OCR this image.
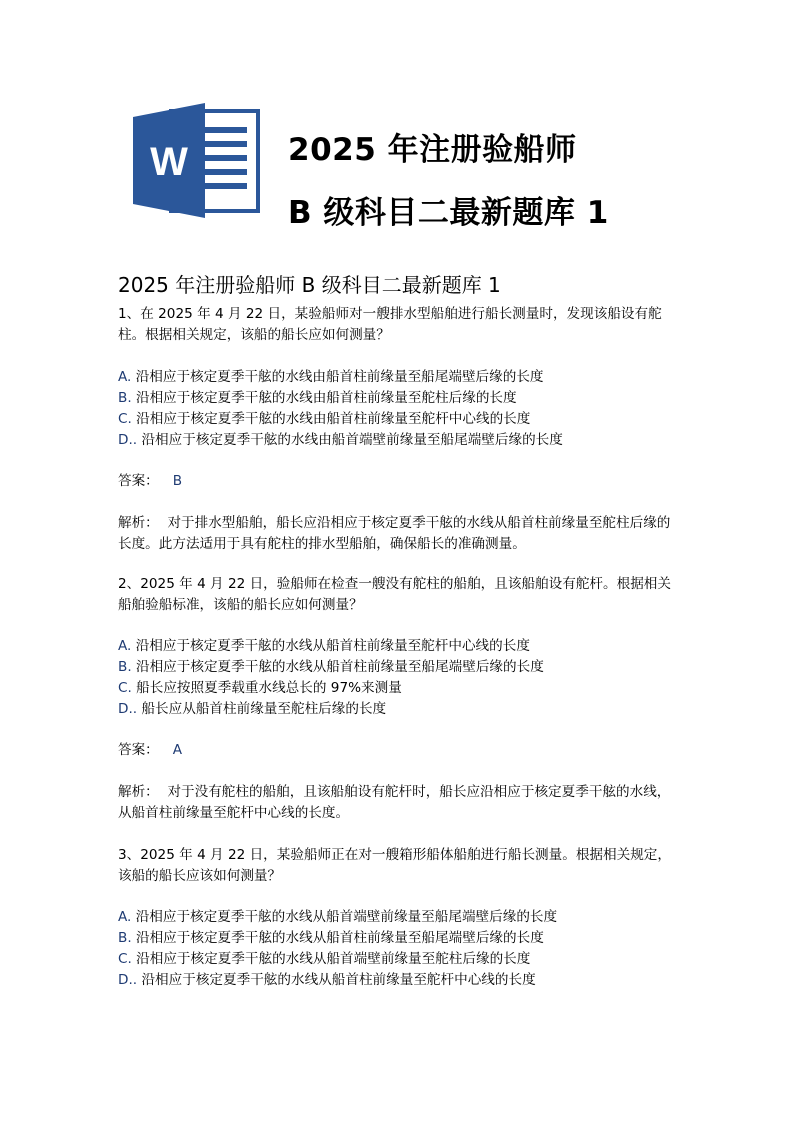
W	2025 年注册验船师
B 级科目二最新题库 1
2025 年注册验船师 B 级科目二最新题库 1
1、在 2025 年 4 月 22 日，某验船师对一艘排水型船舶进行船长测量时，发现该船设有舵柱。根据相关规定，该船的船长应如何测量？
A. 沿相应于核定夏季干舷的水线由船首柱前缘量至船尾端壁后缘的长度
B. 沿相应于核定夏季干舷的水线由船首柱前缘量至舵柱后缘的长度
C. 沿相应于核定夏季干舷的水线由船首柱前缘量至舵杆中心线的长度
D.. 沿相应于核定夏季干舷的水线由船首端壁前缘量至船尾端壁后缘的长度
答案： B
解析： 对于排水型船舶，船长应沿相应于核定夏季干舷的水线从船首柱前缘量至舵柱后缘的长度。此方法适用于具有舵柱的排水型船舶，确保船长的准确测量。
2、2025 年 4 月 22 日，验船师在检查一艘没有舵柱的船舶，且该船舶设有舵杆。根据相关船舶验船标准，该船的船长应如何测量？
A. 沿相应于核定夏季干舷的水线从船首柱前缘量至舵杆中心线的长度
B. 沿相应于核定夏季干舷的水线从船首柱前缘量至船尾端壁后缘的长度
C. 船长应按照夏季载重水线总长的 97%来测量
D.. 船长应从船首柱前缘量至舵柱后缘的长度
答案： A
解析： 对于没有舵柱的船舶，且该船舶设有舵杆时，船长应沿相应于核定夏季干舷的水线，从船首柱前缘量至舵杆中心线的长度。
3、2025 年 4 月 22 日，某验船师正在对一艘箱形船体船舶进行船长测量。根据相关规定，该船的船长应该如何测量？
A. 沿相应于核定夏季干舷的水线从船首端壁前缘量至船尾端壁后缘的长度
B. 沿相应于核定夏季干舷的水线从船首柱前缘量至船尾端壁后缘的长度
C. 沿相应于核定夏季干舷的水线从船首端壁前缘量至舵柱后缘的长度
D.. 沿相应于核定夏季干舷的水线从船首柱前缘量至舵杆中心线的长度
